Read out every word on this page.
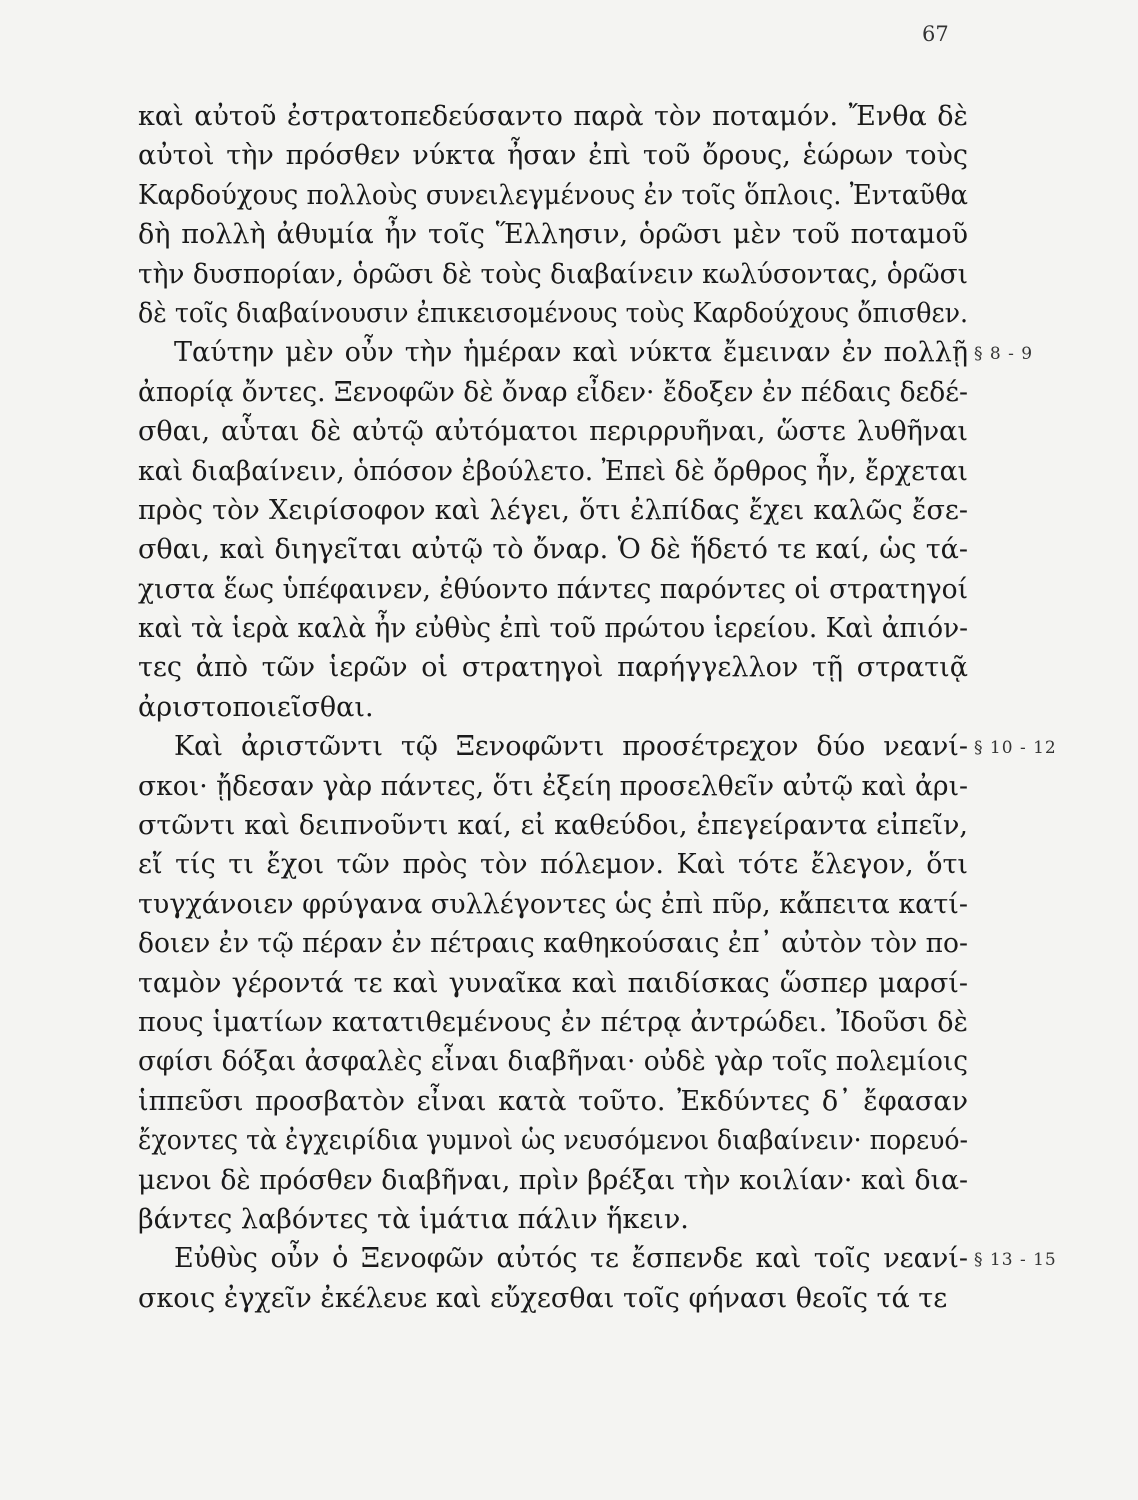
67
καὶ αὐτοῦ ἐστρατοπεδεύσαντο παρὰ τὸν ποταμόν. Ἔνθα δὲ
αὐτοὶ τὴν πρόσθεν νύκτα ἦσαν ἐπὶ τοῦ ὄρους, ἑώρων τοὺς
Καρδούχους πολλοὺς συνειλεγμένους ἐν τοῖς ὅπλοις. Ἐνταῦθα
δὴ πολλὴ ἀθυμία ἦν τοῖς Ἕλλησιν, ὁρῶσι μὲν τοῦ ποταμοῦ
τὴν δυσπορίαν, ὁρῶσι δὲ τοὺς διαβαίνειν κωλύσοντας, ὁρῶσι
δὲ τοῖς διαβαίνουσιν ἐπικεισομένους τοὺς Καρδούχους ὄπισθεν.
Ταύτην μὲν οὖν τὴν ἡμέραν καὶ νύκτα ἔμειναν ἐν πολλῇ § 8 - 9
ἀπορίᾳ ὄντες. Ξενοφῶν δὲ ὄναρ εἶδεν· ἔδοξεν ἐν πέδαις δεδέ-
σθαι, αὗται δὲ αὐτῷ αὐτόματοι περιρρυῆναι, ὥστε λυθῆναι
καὶ διαβαίνειν, ὁπόσον ἐβούλετο. Ἐπεὶ δὲ ὄρθρος ἦν, ἔρχεται
πρὸς τὸν Χειρίσοφον καὶ λέγει, ὅτι ἐλπίδας ἔχει καλῶς ἔσε-
σθαι, καὶ διηγεῖται αὐτῷ τὸ ὄναρ. Ὁ δὲ ἥδετό τε καί, ὡς τά-
χιστα ἕως ὑπέφαινεν, ἐθύοντο πάντες παρόντες οἱ στρατηγοί
καὶ τὰ ἱερὰ καλὰ ἦν εὐθὺς ἐπὶ τοῦ πρώτου ἱερείου. Καὶ ἀπιόν-
τες ἀπὸ τῶν ἱερῶν οἱ στρατηγοὶ παρήγγελλον τῇ στρατιᾷ
ἀριστοποιεῖσθαι.
Καὶ ἀριστῶντι τῷ Ξενοφῶντι προσέτρεχον δύο νεανί- § 10 - 12
σκοι· ᾔδεσαν γὰρ πάντες, ὅτι ἐξείη προσελθεῖν αὐτῷ καὶ ἀρι-
στῶντι καὶ δειπνοῦντι καί, εἰ καθεύδοι, ἐπεγείραντα εἰπεῖν,
εἴ τίς τι ἔχοι τῶν πρὸς τὸν πόλεμον. Καὶ τότε ἔλεγον, ὅτι
τυγχάνοιεν φρύγανα συλλέγοντες ὡς ἐπὶ πῦρ, κἄπειτα κατί-
δοιεν ἐν τῷ πέραν ἐν πέτραις καθηκούσαις ἐπ᾽ αὐτὸν τὸν πο-
ταμὸν γέροντά τε καὶ γυναῖκα καὶ παιδίσκας ὥσπερ μαρσί-
πους ἱματίων κατατιθεμένους ἐν πέτρᾳ ἀντρώδει. Ἰδοῦσι δὲ
σφίσι δόξαι ἀσφαλὲς εἶναι διαβῆναι· οὐδὲ γὰρ τοῖς πολεμίοις
ἱππεῦσι προσβατὸν εἶναι κατὰ τοῦτο. Ἐκδύντες δ᾽ ἔφασαν
ἔχοντες τὰ ἐγχειρίδια γυμνοὶ ὡς νευσόμενοι διαβαίνειν· πορευό-
μενοι δὲ πρόσθεν διαβῆναι, πρὶν βρέξαι τὴν κοιλίαν· καὶ δια-
βάντες λαβόντες τὰ ἱμάτια πάλιν ἥκειν.
Εὐθὺς οὖν ὁ Ξενοφῶν αὐτός τε ἔσπενδε καὶ τοῖς νεανί- § 13 - 15
σκοις ἐγχεῖν ἐκέλευε καὶ εὔχεσθαι τοῖς φήνασι θεοῖς τά τε
